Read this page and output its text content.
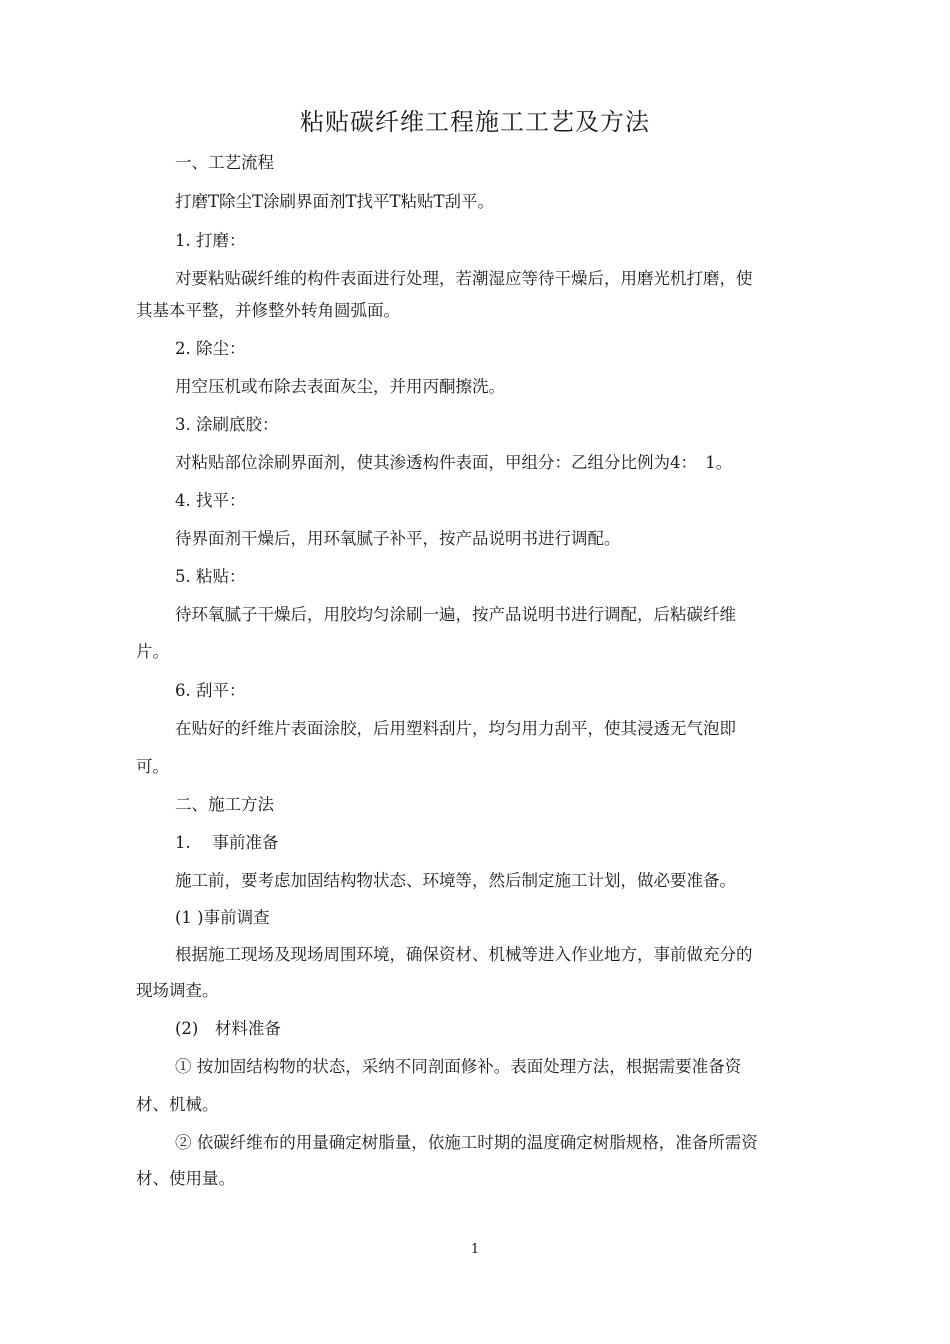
粘贴碳纤维工程施工工艺及方法
一、工艺流程
打磨T除尘T涂刷界面剂T找平T粘贴T刮平。
1. 打磨：
对要粘贴碳纤维的构件表面进行处理，若潮湿应等待干燥后，用磨光机打磨，使
其基本平整，并修整外转角圆弧面。
2. 除尘：
用空压机或布除去表面灰尘，并用丙酮擦洗。
3. 涂刷底胶：
对粘贴部位涂刷界面剂，使其渗透构件表面，甲组分：乙组分比例为4：　1。
4. 找平：
待界面剂干燥后，用环氧腻子补平，按产品说明书进行调配。
5. 粘贴：
待环氧腻子干燥后，用胶均匀涂刷一遍，按产品说明书进行调配，后粘碳纤维
片。
6. 刮平：
在贴好的纤维片表面涂胶，后用塑料刮片，均匀用力刮平，使其浸透无气泡即
可。
二、施工方法
1.　 事前准备
施工前，要考虑加固结构物状态、环境等，然后制定施工计划，做必要准备。
(1 )事前调查
根据施工现场及现场周围环境，确保资材、机械等进入作业地方，事前做充分的
现场调查。
(2)　材料准备
① 按加固结构物的状态，采纳不同剖面修补。表面处理方法，根据需要准备资
材、机械。
② 依碳纤维布的用量确定树脂量，依施工时期的温度确定树脂规格，准备所需资
材、使用量。
1
